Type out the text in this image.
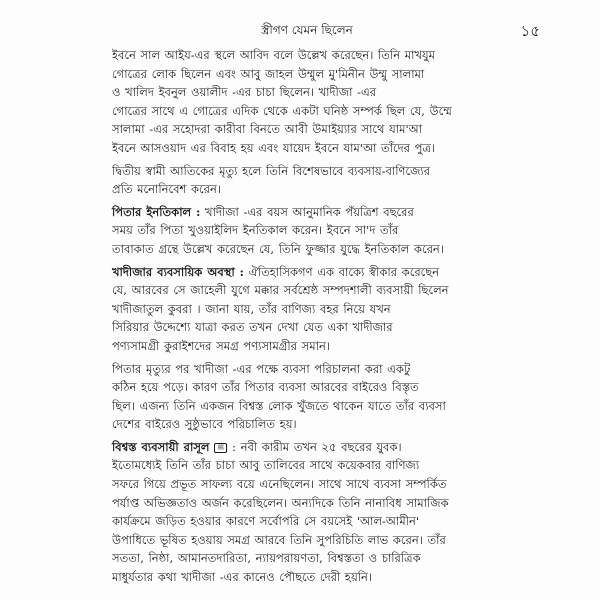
স্ত্রীগণ যেমন ছিলেন	১৫

ইবনে সাল আইয-এর স্থলে আবিদ বলে উল্লেখ করেছেন। তিনি মাখযুম
গোত্রের লোক ছিলেন এবং আবু জাহল উম্মুল মু'মিনীন উম্মু সালামা
ও খালিদ ইবনুল ওয়ালীদ -এর চাচা ছিলেন। খাদীজা -এর
গোত্রের সাথে এ গোত্রের এদিক থেকে একটা ঘনিষ্ঠ সম্পর্ক ছিল যে, উম্মে
সালামা -এর সহোদরা কারীবা বিনতে আবী উমাইয়্যার সাথে যাম'আ
ইবনে আসওয়াদ এর বিবাহ হয় এবং যায়েদ ইবনে যাম'আ তাঁদের পুত্র।

দ্বিতীয় স্বামী আতিকের মৃত্যু হলে তিনি বিশেষভাবে ব্যবসায়-বাণিজ্যের
প্রতি মনোনিবেশ করেন।

পিতার ইনতিকাল : খাদীজা -এর বয়স আনুমানিক পঁয়ত্রিশ বছরের
সময় তাঁর পিতা খুওয়াইলিদ ইনতিকাল করেন। ইবনে সা'দ তাঁর
তাবাকাত গ্রন্থে উল্লেখ করেছেন যে, তিনি ফুজ্জার যুদ্ধে ইনতিকাল করেন।

খাদীজার ব্যবসায়িক অবস্থা : ঐতিহাসিকগণ এক বাক্যে স্বীকার করেছেন
যে, আরবের সে জাহেলী যুগে মক্কার সর্বশ্রেষ্ঠ সম্পদশালী ব্যবসায়ী ছিলেন
খাদীজাতুল কুবরা । জানা যায়, তাঁর বাণিজ্য বহর নিয়ে যখন
সিরিয়ার উদ্দেশ্যে যাত্রা করত তখন দেখা যেত একা খাদীজার
পণ্যসামগ্রী কুরাইশদের সমগ্র পণ্যসামগ্রীর সমান।

পিতার মৃত্যুর পর খাদীজা -এর পক্ষে ব্যবসা পরিচালনা করা একটু
কঠিন হয়ে পড়ে। কারণ তাঁর পিতার ব্যবসা আরবের বাইরেও বিস্তৃত
ছিল। এজন্য তিনি একজন বিশ্বস্ত লোক খুঁজতে থাকেন যাতে তাঁর ব্যবসা
দেশের বাইরেও সুষ্ঠুভাবে পরিচালিত হয়।

বিশ্বস্ত ব্যবসায়ী রাসূল ﷺ : নবী কারীম তখন ২৫ বছরের যুবক।
ইতোমধ্যেই তিনি তাঁর চাচা আবু তালিবের সাথে কয়েকবার বাণিজ্য
সফরে গিয়ে প্রভূত সাফল্য বয়ে এনেছিলেন। সাথে সাথে ব্যবসা সম্পর্কিত
পর্যাপ্ত অভিজ্ঞতাও অর্জন করেছিলেন। অন্যদিকে তিনি নানাবিধ সামাজিক
কার্যক্রমে জড়িত হওয়ার কারণে সর্বোপরি সে বয়সেই 'আল-আমীন'
উপাধিতে ভূষিত হওয়ায় সমগ্র আরবে তিনি সুপরিচিতি লাভ করেন। তাঁর
সততা, নিষ্ঠা, আমানতদারিতা, ন্যায়পরায়ণতা, বিশ্বস্ততা ও চারিত্রিক
মাধুর্যতার কথা খাদীজা -এর কানেও পৌছতে দেরী হয়নি।
